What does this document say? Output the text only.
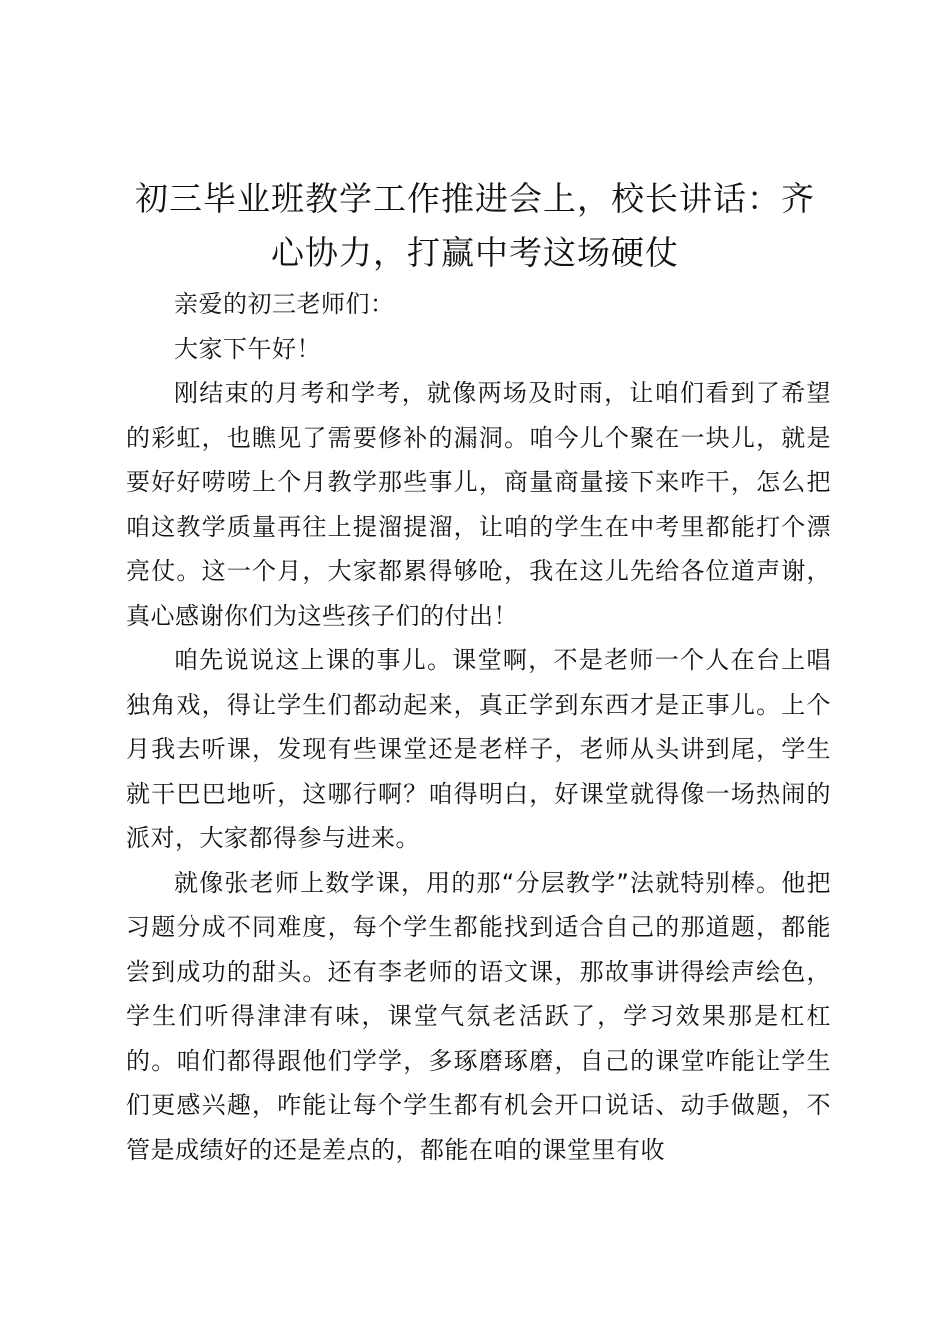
初三毕业班教学工作推进会上，校长讲话：齐心协力，打赢中考这场硬仗

亲爱的初三老师们：

大家下午好！

刚结束的月考和学考，就像两场及时雨，让咱们看到了希望的彩虹，也瞧见了需要修补的漏洞。咱今儿个聚在一块儿，就是要好好唠唠上个月教学那些事儿，商量商量接下来咋干，怎么把咱这教学质量再往上提溜提溜，让咱的学生在中考里都能打个漂亮仗。这一个月，大家都累得够呛，我在这儿先给各位道声谢，真心感谢你们为这些孩子们的付出！

咱先说说这上课的事儿。课堂啊，不是老师一个人在台上唱独角戏，得让学生们都动起来，真正学到东西才是正事儿。上个月我去听课，发现有些课堂还是老样子，老师从头讲到尾，学生就干巴巴地听，这哪行啊？咱得明白，好课堂就得像一场热闹的派对，大家都得参与进来。

就像张老师上数学课，用的那“分层教学”法就特别棒。他把习题分成不同难度，每个学生都能找到适合自己的那道题，都能尝到成功的甜头。还有李老师的语文课，那故事讲得绘声绘色，学生们听得津津有味，课堂气氛老活跃了，学习效果那是杠杠的。咱们都得跟他们学学，多琢磨琢磨，自己的课堂咋能让学生们更感兴趣，咋能让每个学生都有机会开口说话、动手做题，不管是成绩好的还是差点的，都能在咱的课堂里有收
